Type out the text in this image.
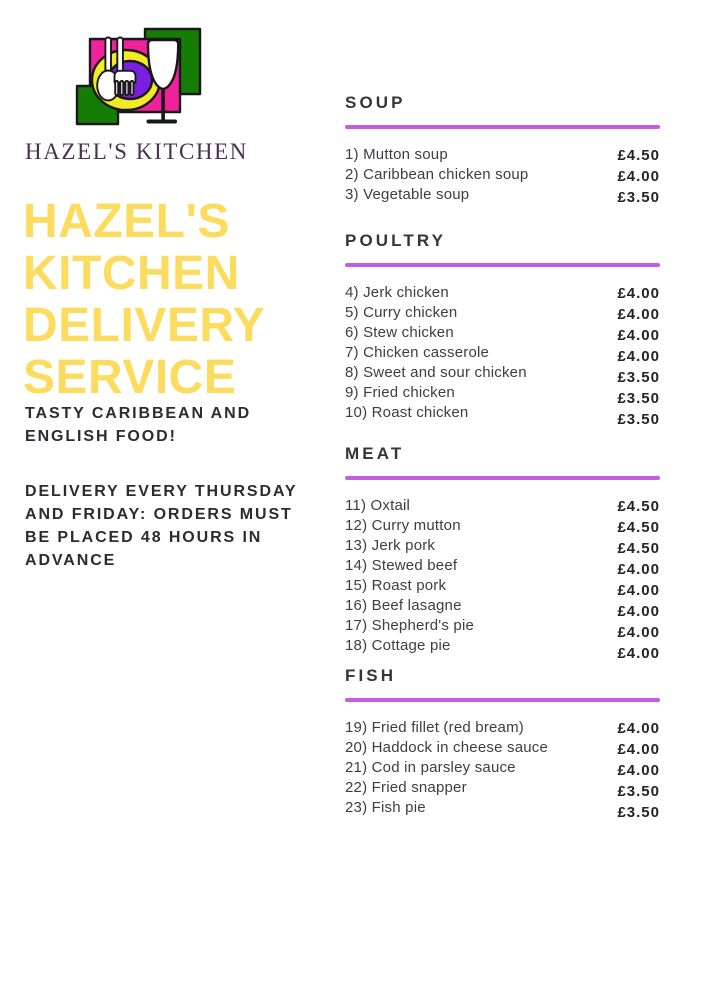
HAZEL'S KITCHEN
HAZEL'S
KITCHEN
DELIVERY
SERVICE
TASTY CARIBBEAN AND ENGLISH FOOD!
DELIVERY EVERY THURSDAY AND FRIDAY: ORDERS MUST BE PLACED 48 HOURS IN ADVANCE
SOUP
1) Mutton soup
2) Caribbean chicken soup
3) Vegetable soup
£4.50
£4.00
£3.50
POULTRY
4) Jerk chicken
5) Curry chicken
6) Stew chicken
7) Chicken casserole
8) Sweet and sour chicken
9) Fried chicken
10) Roast chicken
£4.00
£4.00
£4.00
£4.00
£3.50
£3.50
£3.50
MEAT
11) Oxtail
12) Curry mutton
13) Jerk pork
14) Stewed beef
15) Roast pork
16) Beef lasagne
17) Shepherd's pie
18) Cottage pie
£4.50
£4.50
£4.50
£4.00
£4.00
£4.00
£4.00
£4.00
FISH
19) Fried fillet (red bream)
20) Haddock in cheese sauce
21) Cod in parsley sauce
22) Fried snapper
23) Fish pie
£4.00
£4.00
£4.00
£3.50
£3.50
